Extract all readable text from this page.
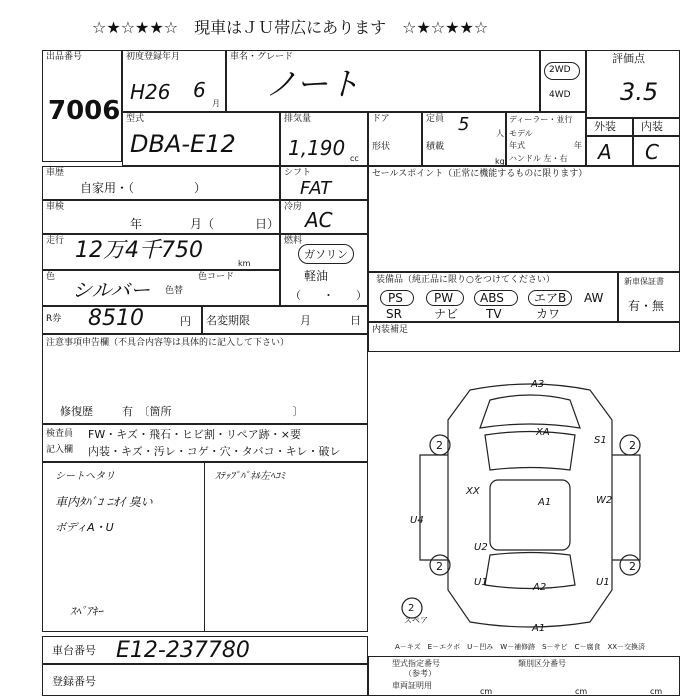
☆★☆★★☆　現車はＪＵ帯広にあります　☆★☆★★☆
出品番号
7006
初度登録年月
H26 6
月
車名・グレード
ノート	2WD
4WD
評価点
3.5
外装 内装
A C
型式
DBA-E12
排気量
1,190 cc
ドア
形状
定員 5	人
積載
kg
ディーラー・並行
モデル
年式	年
ハンドル 左・右
車歴
自家用・（　　　　　）
シフト
FAT
セールスポイント（正常に機能するものに限ります）
車検
年	月（	日）
冷房
AC
走行 12万4千750
km
燃料
ガソリン
軽油
（　　・　　）
色
シルバー 色替
色コード	装備品（純正品に限り○をつけてください）
PS	PW ABS	エアB AW
SR	ナビ TV	カワ
新車保証書
有・無
R券 8510	円 名変期限	月	日
内装補足
注意事項申告欄（不具合内容等は具体的に記入して下さい）
修復歴	有　〔箇所　　　　　　　　　　　〕
検査員
記入欄
FW・キズ・飛石・ヒビ割・リペア跡・×要
内装・キズ・汚レ・コゲ・穴・タバコ・キレ・破レ
シートヘタリ
車内ﾀﾊﾞｺ ﾆｵｲ 臭い
ボディA・U
ｽﾍﾟｱｷｰ
ｽﾃｯﾌﾟﾊﾟﾈﾙ左ﾍｺﾐ
A3
XA
S1
W2
XX
A1
U4
U2
A2
U1	U1
A1
2	2
2	2
2
スペア
A－キズ　E－エクボ　U－凹み　W－補修跡　S－サビ　C－腐食　XX－交換済
車台番号 E12-237780
登録番号
型式指定番号
（参考）
類別区分番号
車両証明用
cm	cm	cm
